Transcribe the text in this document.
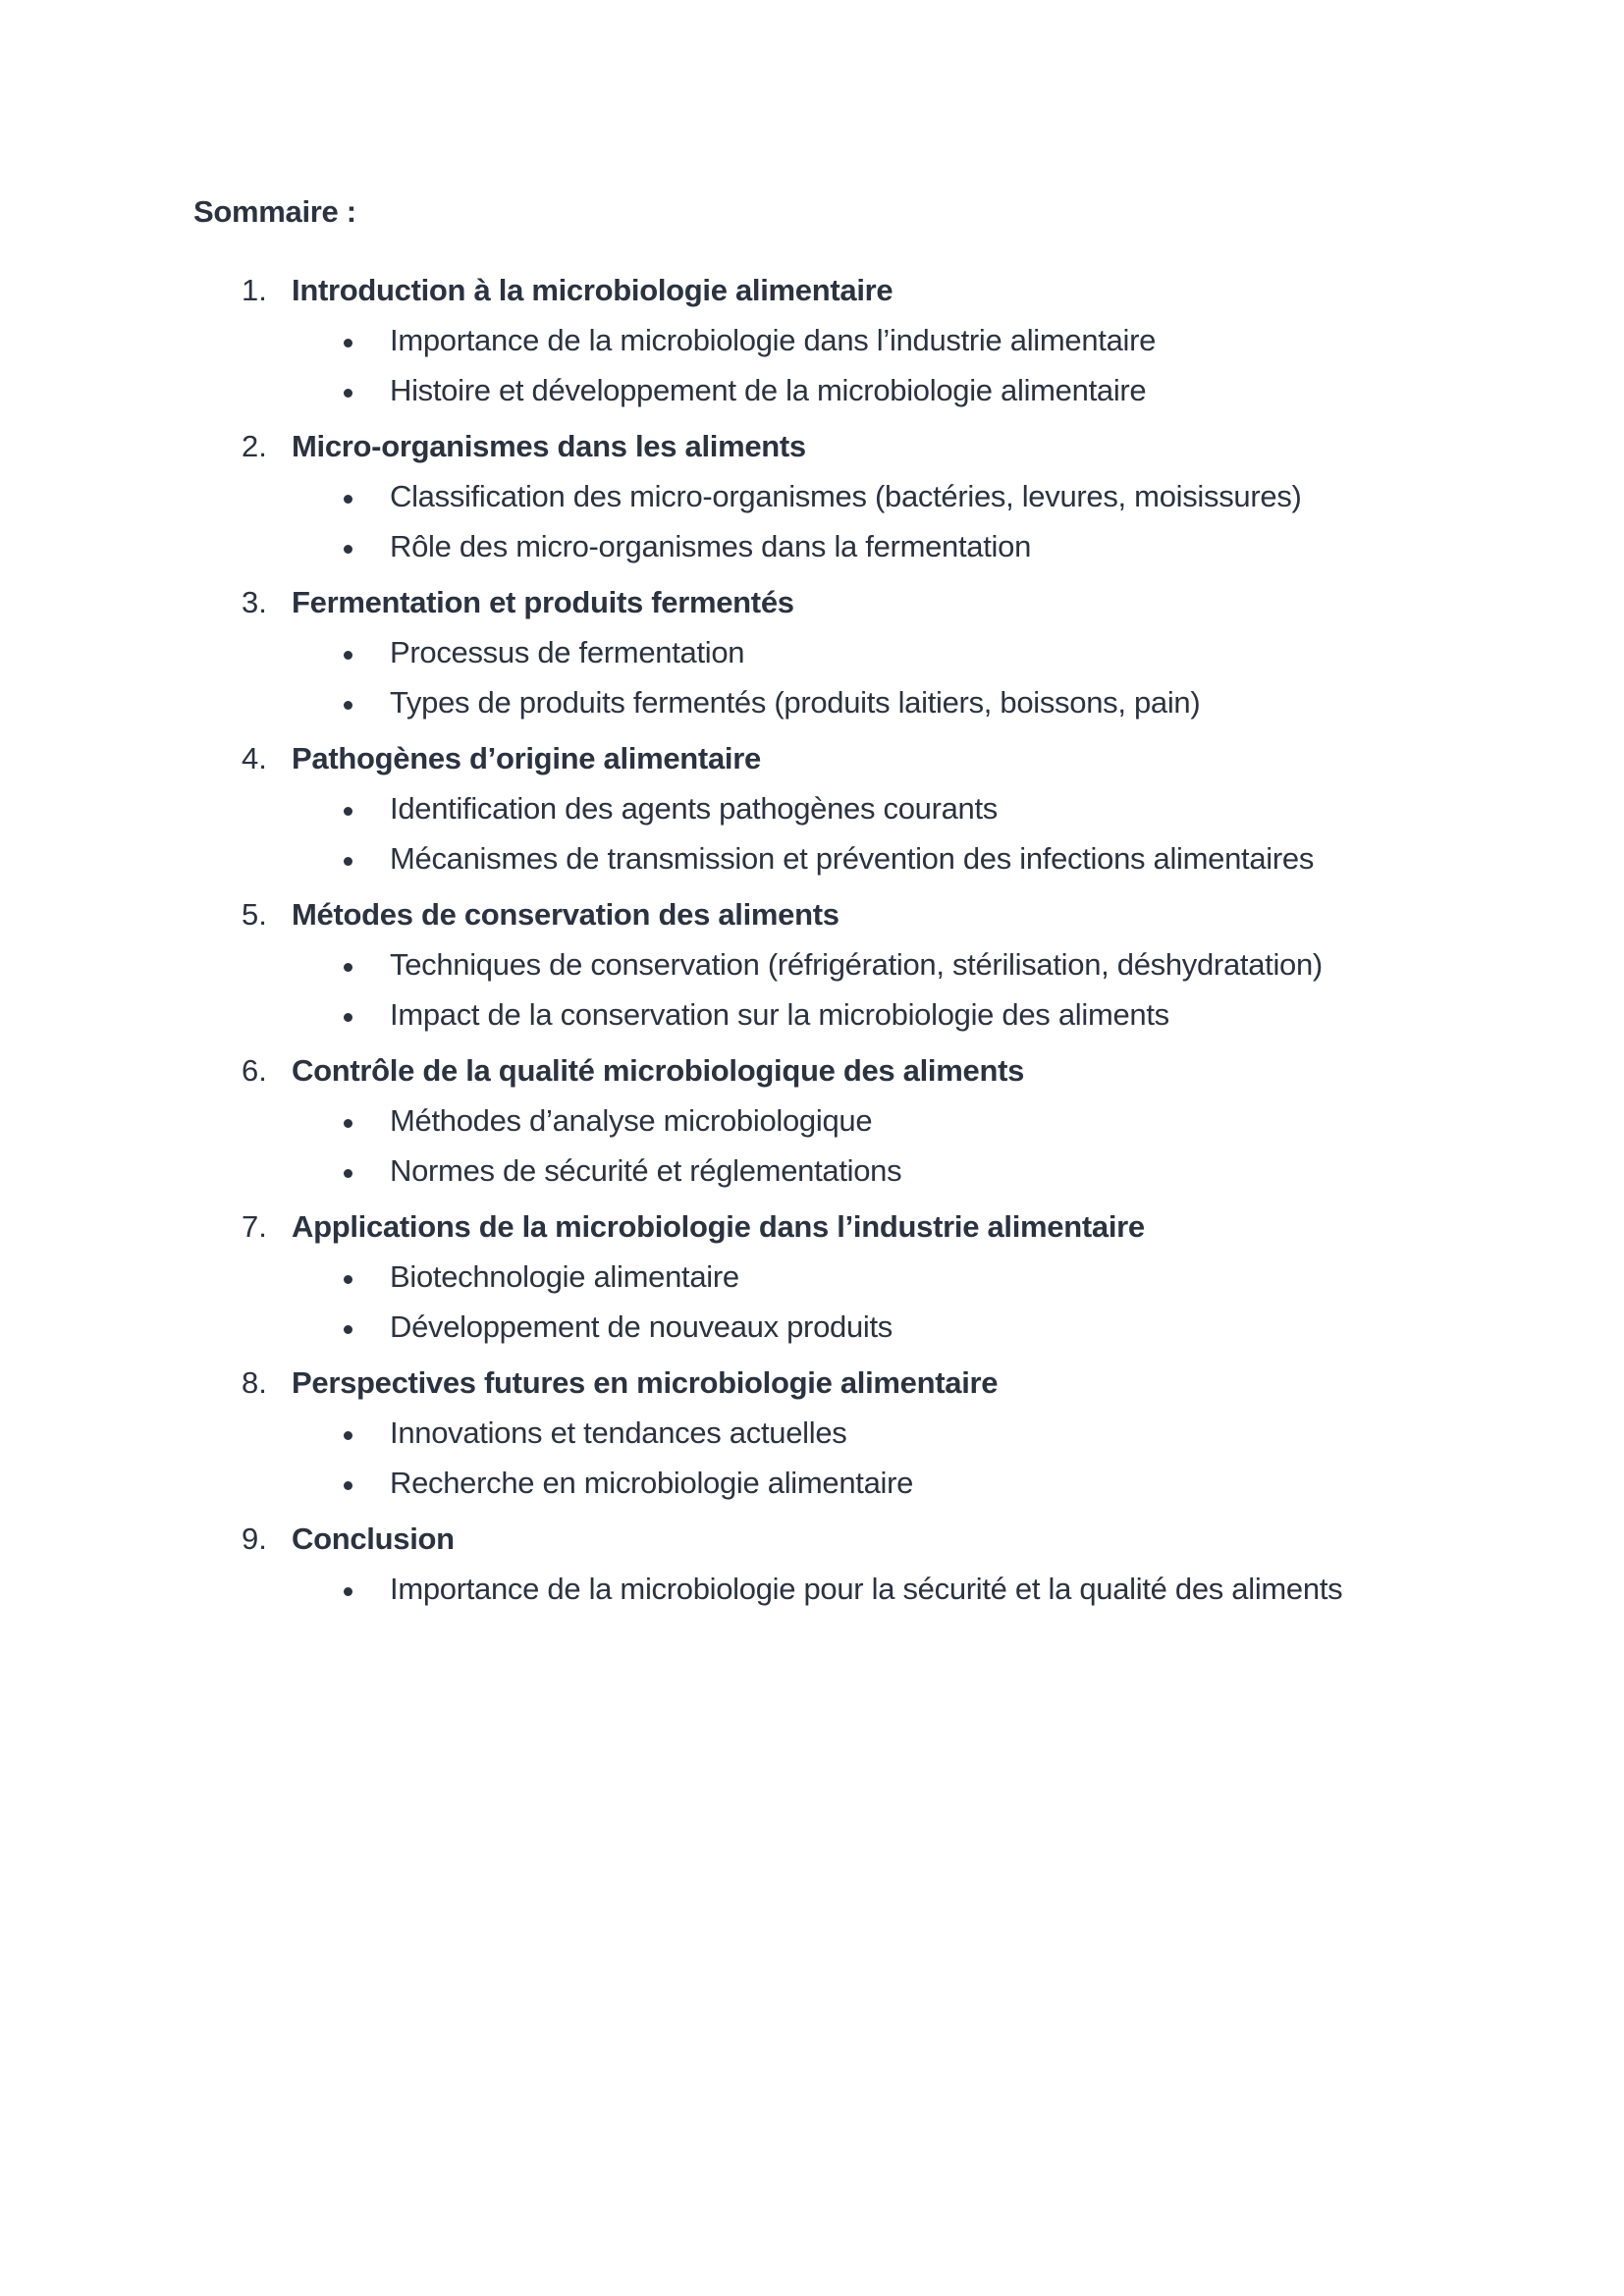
Sommaire :
1. Introduction à la microbiologie alimentaire
Importance de la microbiologie dans l’industrie alimentaire
Histoire et développement de la microbiologie alimentaire
2. Micro-organismes dans les aliments
Classification des micro-organismes (bactéries, levures, moisissures)
Rôle des micro-organismes dans la fermentation
3. Fermentation et produits fermentés
Processus de fermentation
Types de produits fermentés (produits laitiers, boissons, pain)
4. Pathogènes d’origine alimentaire
Identification des agents pathogènes courants
Mécanismes de transmission et prévention des infections alimentaires
5. Métodes de conservation des aliments
Techniques de conservation (réfrigération, stérilisation, déshydratation)
Impact de la conservation sur la microbiologie des aliments
6. Contrôle de la qualité microbiologique des aliments
Méthodes d’analyse microbiologique
Normes de sécurité et réglementations
7. Applications de la microbiologie dans l’industrie alimentaire
Biotechnologie alimentaire
Développement de nouveaux produits
8. Perspectives futures en microbiologie alimentaire
Innovations et tendances actuelles
Recherche en microbiologie alimentaire
9. Conclusion
Importance de la microbiologie pour la sécurité et la qualité des aliments
